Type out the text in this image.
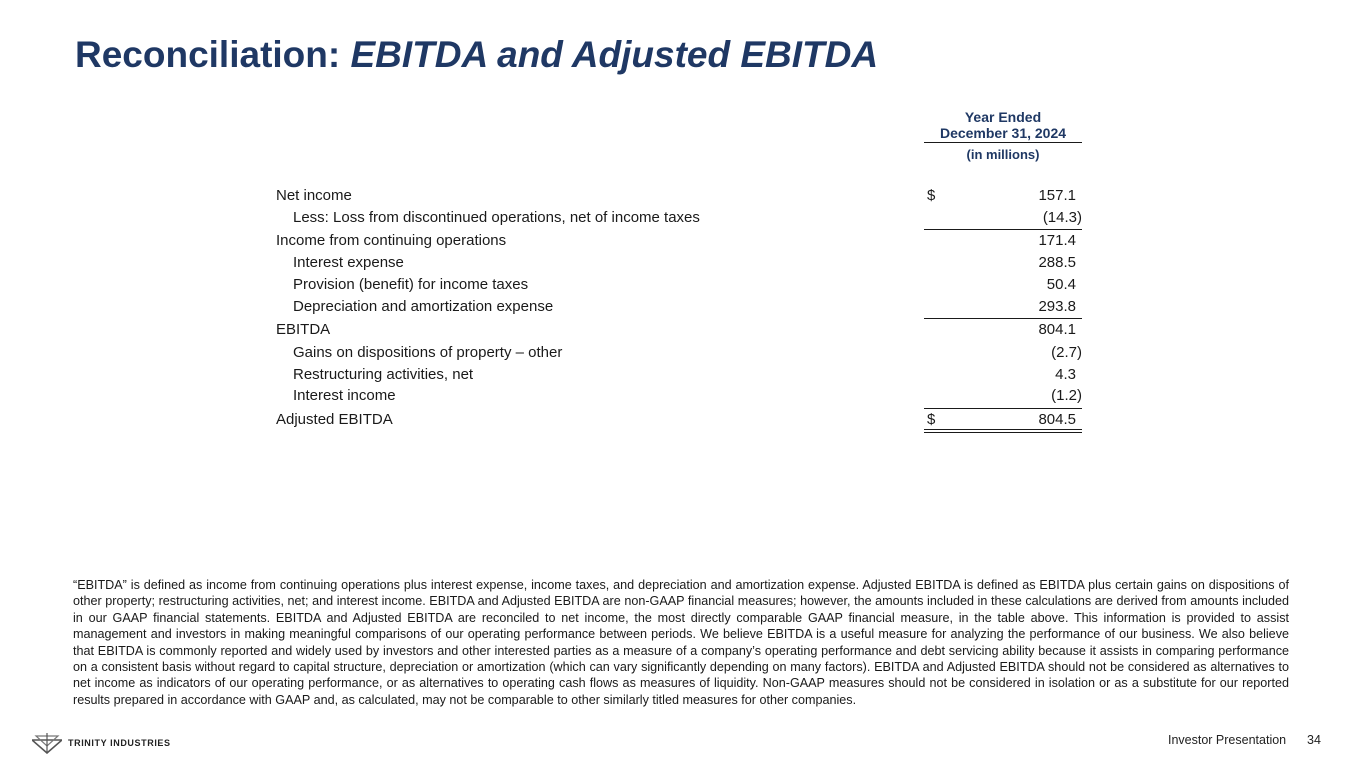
Reconciliation: EBITDA and Adjusted EBITDA
Year Ended
December 31, 2024
(in millions)
Net income	$	157.1
Less: Loss from discontinued operations, net of income taxes	(14.3)
Income from continuing operations	171.4
Interest expense	288.5
Provision (benefit) for income taxes	50.4
Depreciation and amortization expense	293.8
EBITDA	804.1
Gains on dispositions of property – other	(2.7)
Restructuring activities, net	4.3
Interest income	(1.2)
Adjusted EBITDA	$	804.5
“EBITDA” is defined as income from continuing operations plus interest expense, income taxes, and depreciation and amortization expense. Adjusted EBITDA is defined as EBITDA plus certain gains on dispositions of other property; restructuring activities, net; and interest income. EBITDA and Adjusted EBITDA are non-GAAP financial measures; however, the amounts included in these calculations are derived from amounts included in our GAAP financial statements. EBITDA and Adjusted EBITDA are reconciled to net income, the most directly comparable GAAP financial measure, in the table above. This information is provided to assist management and investors in making meaningful comparisons of our operating performance between periods. We believe EBITDA is a useful measure for analyzing the performance of our business. We also believe that EBITDA is commonly reported and widely used by investors and other interested parties as a measure of a company’s operating performance and debt servicing ability because it assists in comparing performance on a consistent basis without regard to capital structure, depreciation or amortization (which can vary significantly depending on many factors). EBITDA and Adjusted EBITDA should not be considered as alternatives to net income as indicators of our operating performance, or as alternatives to operating cash flows as measures of liquidity. Non-GAAP measures should not be considered in isolation or as a substitute for our reported results prepared in accordance with GAAP and, as calculated, may not be comparable to other similarly titled measures for other companies.
TRINITY INDUSTRIES	Investor Presentation 34
